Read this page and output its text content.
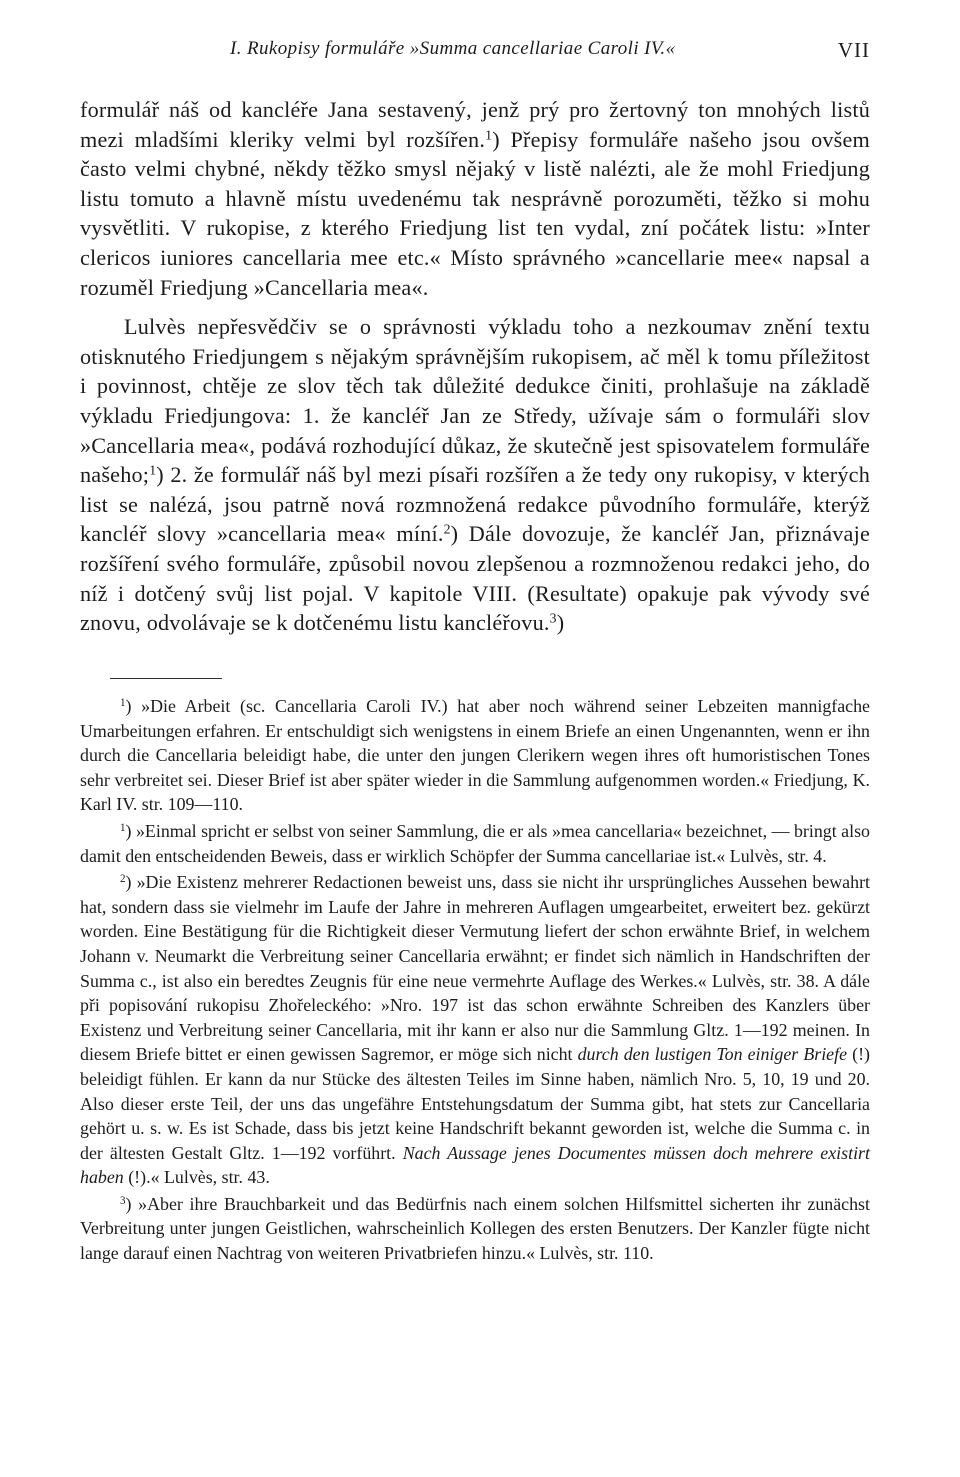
I. Rukopisy formuláře »Summa cancellariae Caroli IV.«	VII

formulář náš od kancléře Jana sestavený, jenž prý pro žertovný ton mnohých listů mezi mladšími kleriky velmi byl rozšířen.$^1$) Přepisy formuláře našeho jsou ovšem často velmi chybné, někdy těžko smysl nějaký v listě nalézti, ale že mohl Friedjung listu tomuto a hlavně místu uvedenému tak nesprávně porozuměti, těžko si mohu vysvětliti. V rukopise, z kterého Friedjung list ten vydal, zní počátek listu: »Inter clericos iuniores cancellaria mee etc.« Místo správného »cancellarie mee« napsal a rozuměl Friedjung »Cancellaria mea«.

Lulvès nepřesvědčiv se o správnosti výkladu toho a nezkoumav znění textu otisknutého Friedjungem s nějakým správnějším rukopisem, ač měl k tomu příležitost i povinnost, chtěje ze slov těch tak důležité dedukce činiti, prohlašuje na základě výkladu Friedjungova: 1. že kancléř Jan ze Středy, užívaje sám o formuláři slov »Cancellaria mea«, podává rozhodující důkaz, že skutečně jest spisovatelem formuláře našeho;$^1$) 2. že formulář náš byl mezi písaři rozšířen a že tedy ony rukopisy, v kterých list se nalézá, jsou patrně nová rozmnožená redakce původního formuláře, kterýž kancléř slovy »cancellaria mea« míní.$^2$) Dále dovozuje, že kancléř Jan, přiznávaje rozšíření svého formuláře, způsobil novou zlepšenou a rozmnoženou redakci jeho, do níž i dotčený svůj list pojal. V kapitole VIII. (Resultate) opakuje pak výv​ody své znovu, odvolávaje se k dotčenému listu kancléřovu.$^3$)

$^1$) »Die Arbeit (sc. Cancellaria Caroli IV.) hat aber noch während seiner Lebzeiten mannigfache Umarbeitungen erfahren. Er entschuldigt sich wenigstens in einem Briefe an einen Ungenannten, wenn er ihn durch die Cancellaria beleidigt habe, die unter den jungen Clerikern wegen ihres oft humoristischen Tones sehr verbreitet sei. Dieser Brief ist aber später wieder in die Sammlung aufgenommen worden.« Friedjung, K. Karl IV. str. 109—110.

$^1$) »Einmal spricht er selbst von seiner Sammlung, die er als »mea cancellaria« bezeichnet, — bringt also damit den entscheidenden Beweis, dass er wirklich Schöpfer der Summa cancellariae ist.« Lulvès, str. 4.

$^2$) »Die Existenz mehrerer Redactionen beweist uns, dass sie nicht ihr ursprüngliches Aussehen bewahrt hat, sondern dass sie vielmehr im Laufe der Jahre in mehreren Auflagen umgearbeitet, erweitert bez. gekürzt worden. Eine Bestätigung für die Richtigkeit dieser Vermutung liefert der schon erwähnte Brief, in welchem Johann v. Neumarkt die Verbreitung seiner Cancellaria erwähnt; er findet sich nämlich in Handschriften der Summa c., ist also ein beredtes Zeugnis für eine neue vermehrte Auflage des Werkes.« Lulvès, str. 38. A dále při popisování rukopisu Zhořeleckého: »Nro. 197 ist das schon erwähnte Schreiben des Kanzlers über Existenz und Verbreitung seiner Cancellaria, mit ihr kann er also nur die Sammlung Gltz. 1—192 meinen. In diesem Briefe bittet er einen gewissen Sagremor, er möge sich nicht durch den lustigen Ton einiger Briefe (!) beleidigt fühlen. Er kann da nur Stücke des ältesten Teiles im Sinne haben, nämlich Nro. 5, 10, 19 und 20. Also dieser erste Teil, der uns das ungefähre Entstehungsdatum der Summa gibt, hat stets zur Cancellaria gehört u. s. w. Es ist Schade, dass bis jetzt keine Handschrift bekannt geworden ist, welche die Summa c. in der ältesten Gestalt Gltz. 1—192 vorführt. Nach Aussage jenes Documentes müssen doch mehrere existirt haben (!).« Lulvès, str. 43.

$^3$) »Aber ihre Brauchbarkeit und das Bedürfnis nach einem solchen Hilfsmittel sicherten ihr zunächst Verbreitung unter jungen Geistlichen, wahrscheinlich Kollegen des ersten Benutzers. Der Kanzler fügte nicht lange darauf einen Nachtrag von weiteren Privatbriefen hinzu.« Lulvès, str. 110.
